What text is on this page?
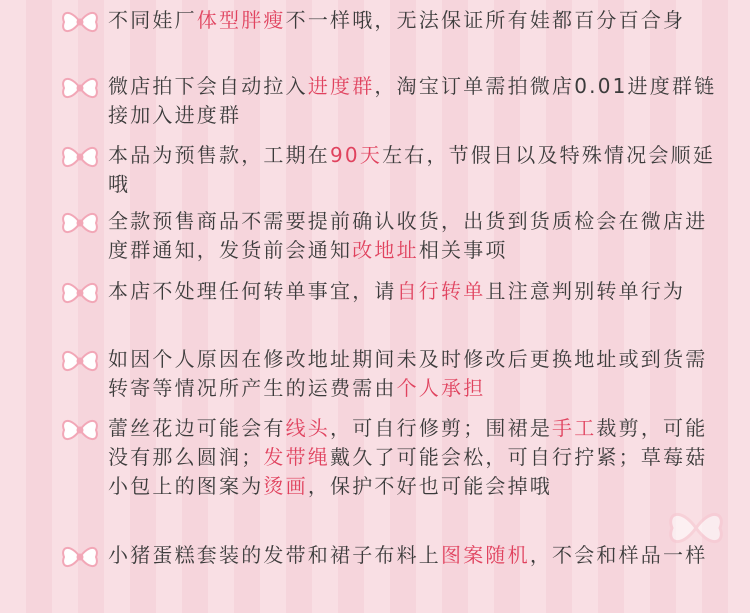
不同娃厂体型胖瘦不一样哦，无法保证所有娃都百分百合身
微店拍下会自动拉入进度群，淘宝订单需拍微店0.01进度群链接加入进度群
本品为预售款，工期在90天左右，节假日以及特殊情况会顺延哦
全款预售商品不需要提前确认收货，出货到货质检会在微店进度群通知，发货前会通知改地址相关事项
本店不处理任何转单事宜，请自行转单且注意判别转单行为
如因个人原因在修改地址期间未及时修改后更换地址或到货需转寄等情况所产生的运费需由个人承担
蕾丝花边可能会有线头，可自行修剪；围裙是手工裁剪，可能没有那么圆润；发带绳戴久了可能会松，可自行拧紧；草莓菇小包上的图案为烫画，保护不好也可能会掉哦
小猪蛋糕套装的发带和裙子布料上图案随机，不会和样品一样
